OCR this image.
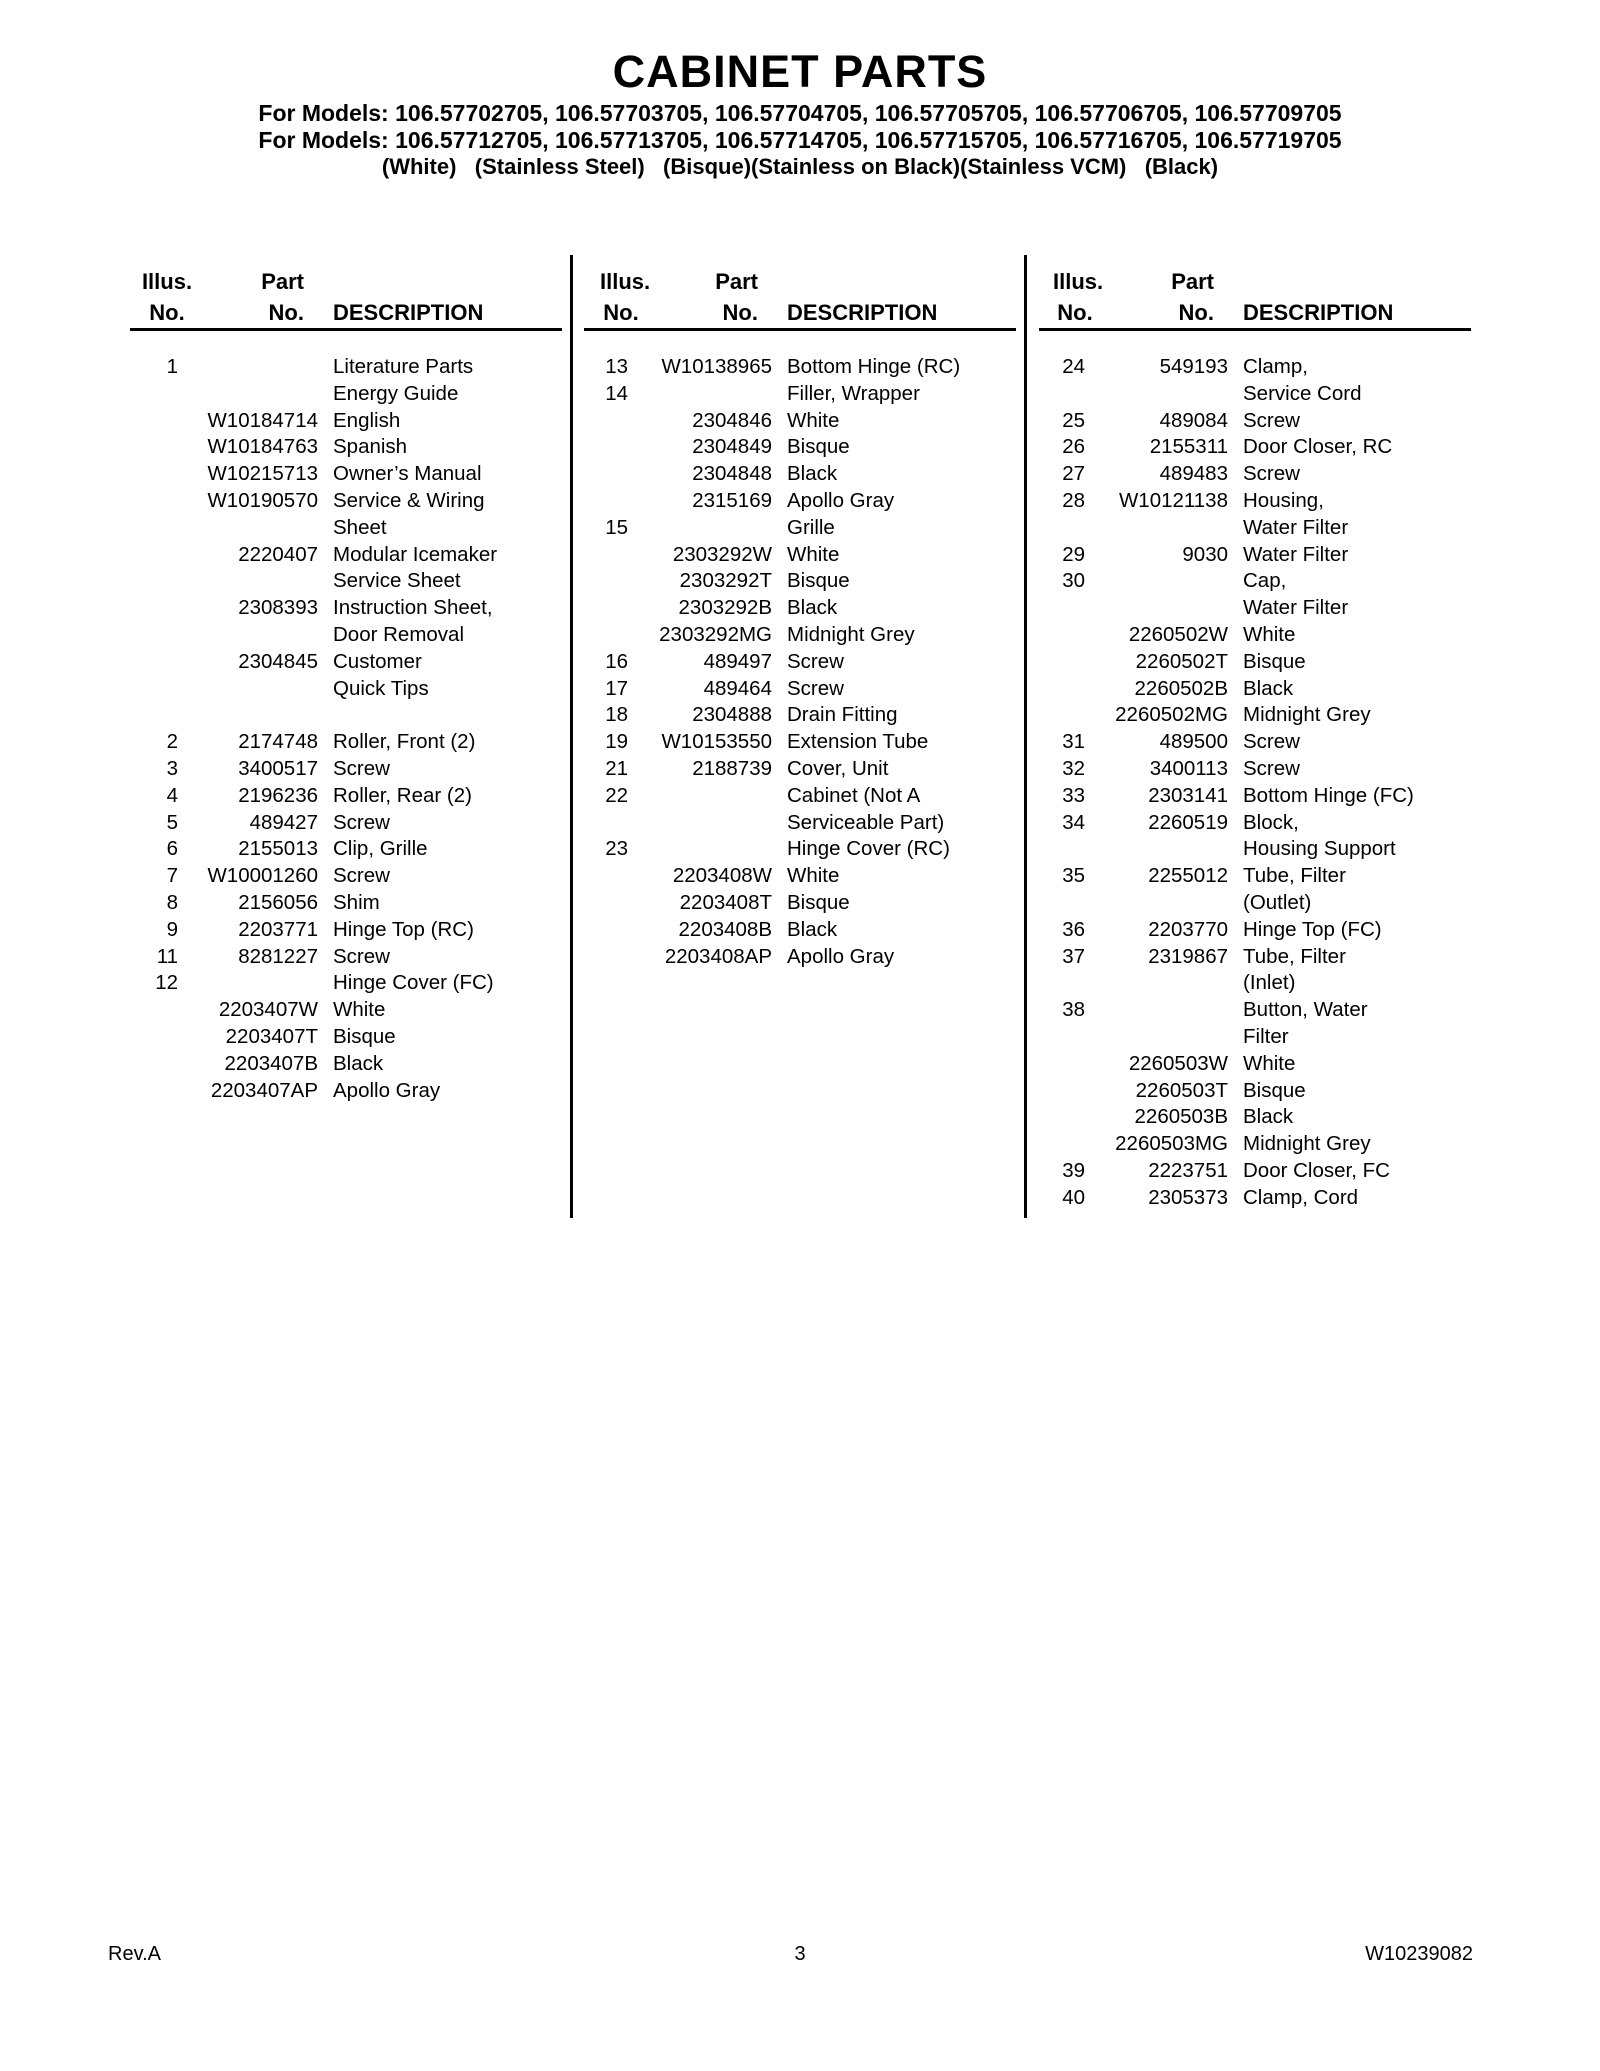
CABINET PARTS
For Models: 106.57702705, 106.57703705, 106.57704705, 106.57705705, 106.57706705, 106.57709705
For Models: 106.57712705, 106.57713705, 106.57714705, 106.57715705, 106.57716705, 106.57719705
(White)   (Stainless Steel)   (Bisque)(Stainless on Black)(Stainless VCM)   (Black)
Illus.
No.
Part
No.	DESCRIPTION
1	Literature Parts
Energy Guide
W10184714 English
W10184763 Spanish
W10215713 Owner’s Manual
W10190570 Service & Wiring
Sheet
2220407 Modular Icemaker
Service Sheet
2308393 Instruction Sheet,
Door Removal
2304845 Customer
Quick Tips
2	2174748 Roller, Front (2)
3	3400517 Screw
4	2196236 Roller, Rear (2)
5	489427 Screw
6	2155013 Clip, Grille
7	W10001260 Screw
8	2156056 Shim
9	2203771 Hinge Top (RC)
11	8281227 Screw
12	Hinge Cover (FC)
2203407W White
2203407T Bisque
2203407B Black
2203407AP Apollo Gray
Illus.
No.
Part
No.	DESCRIPTION
13	W10138965 Bottom Hinge (RC)
14	Filler, Wrapper
2304846 White
2304849 Bisque
2304848 Black
2315169 Apollo Gray
15	Grille
2303292W White
2303292T Bisque
2303292B Black
2303292MG Midnight Grey
16	489497 Screw
17	489464 Screw
18	2304888 Drain Fitting
19	W10153550 Extension Tube
21	2188739 Cover, Unit
22	Cabinet (Not A
Serviceable Part)
23	Hinge Cover (RC)
2203408W White
2203408T Bisque
2203408B Black
2203408AP Apollo Gray
Illus.
No.
Part
No.	DESCRIPTION
24	549193 Clamp,
Service Cord
25	489084 Screw
26	2155311 Door Closer, RC
27	489483 Screw
28	W10121138 Housing,
Water Filter
29	9030 Water Filter
30	Cap,
Water Filter
2260502W White
2260502T Bisque
2260502B Black
2260502MG Midnight Grey
31	489500 Screw
32	3400113 Screw
33	2303141 Bottom Hinge (FC)
34	2260519 Block,
Housing Support
35	2255012 Tube, Filter
(Outlet)
36	2203770 Hinge Top (FC)
37	2319867 Tube, Filter
(Inlet)
38	Button, Water
Filter
2260503W White
2260503T Bisque
2260503B Black
2260503MG Midnight Grey
39	2223751 Door Closer, FC
40	2305373 Clamp, Cord
Rev.A	3	W10239082
